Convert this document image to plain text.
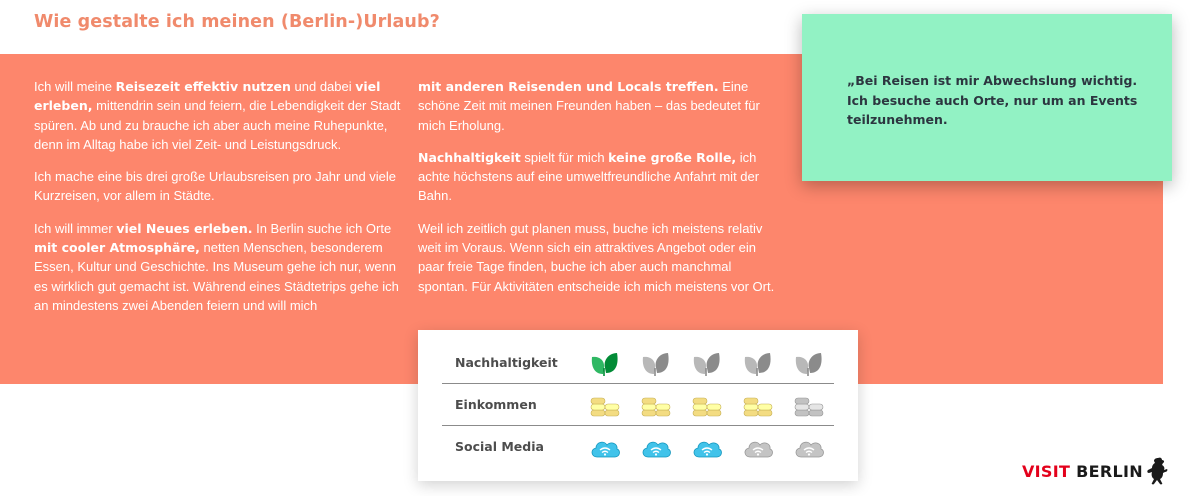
Wie gestalte ich meinen (Berlin-)Urlaub?

Ich will meine Reisezeit effektiv nutzen und dabei viel erleben, mittendrin sein und feiern, die Lebendigkeit der Stadt spüren. Ab und zu brauche ich aber auch meine Ruhepunkte, denn im Alltag habe ich viel Zeit- und Leistungsdruck.

Ich mache eine bis drei große Urlaubsreisen pro Jahr und viele Kurzreisen, vor allem in Städte.

Ich will immer viel Neues erleben. In Berlin suche ich Orte mit cooler Atmosphäre, netten Menschen, besonderem Essen, Kultur und Geschichte. Ins Museum gehe ich nur, wenn es wirklich gut gemacht ist. Während eines Städtetrips gehe ich an mindestens zwei Abenden feiern und will mich

mit anderen Reisenden und Locals treffen. Eine schöne Zeit mit meinen Freunden haben – das bedeutet für mich Erholung.

Nachhaltigkeit spielt für mich keine große Rolle, ich achte höchstens auf eine umweltfreundliche Anfahrt mit der Bahn.

Weil ich zeitlich gut planen muss, buche ich meistens relativ weit im Voraus. Wenn sich ein attraktives Angebot oder ein paar freie Tage finden, buche ich aber auch manchmal spontan. Für Aktivitäten entscheide ich mich meistens vor Ort.

„Bei Reisen ist mir Abwechslung wichtig. Ich besuche auch Orte, nur um an Events teilzunehmen.
Nachhaltigkeit
Einkommen
Social Media
VISIT BERLIN
